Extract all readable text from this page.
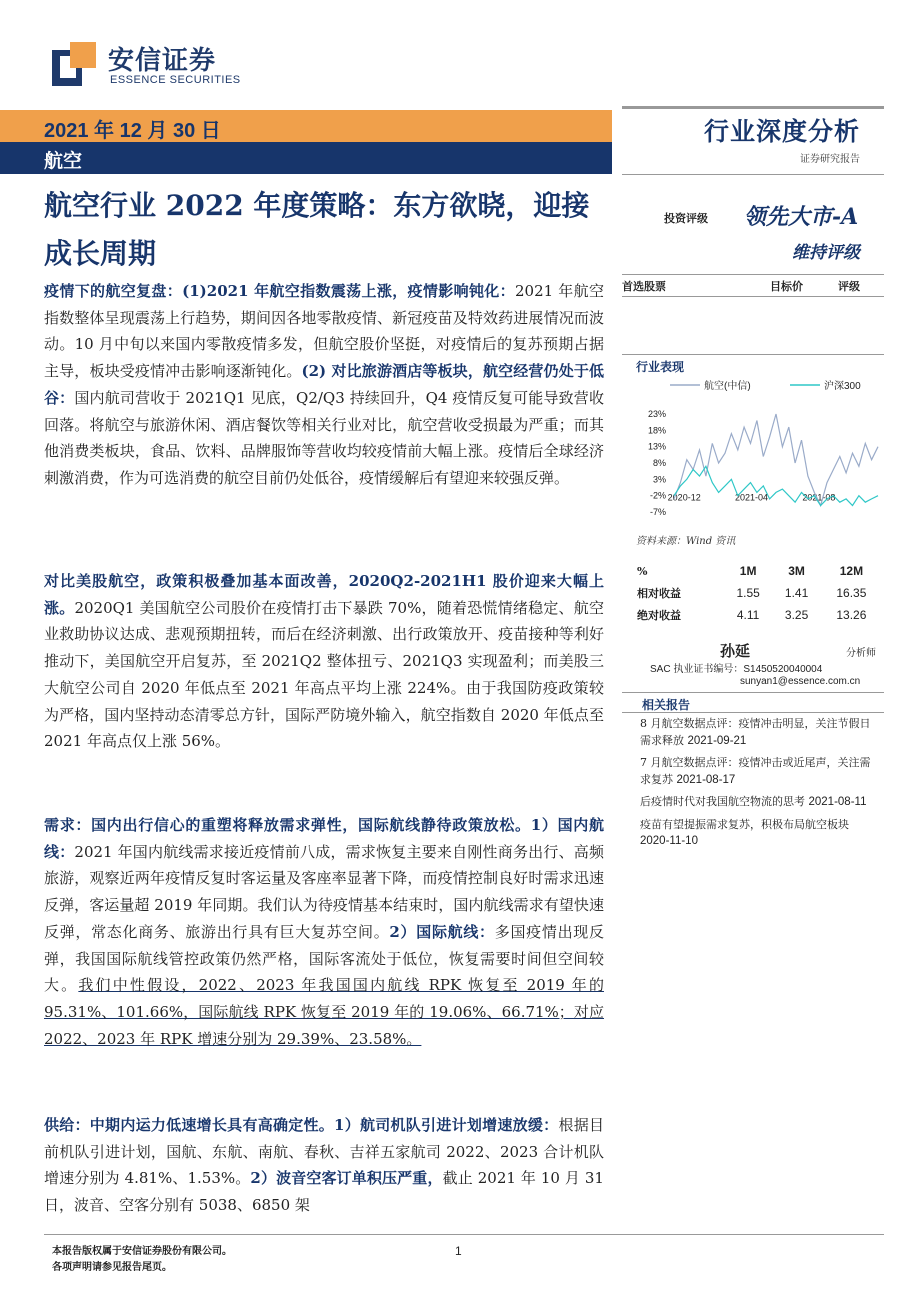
安信证券
ESSENCE SECURITIES
2021 年 12 月 30 日
航空
行业深度分析
证券研究报告
航空行业 2022 年度策略：东方欲晓，迎接成长周期
投资评级 领先大市-A
维持评级
首选股票	目标价	评级
疫情下的航空复盘：(1)2021 年航空指数震荡上涨，疫情影响钝化：2021 年航空指数整体呈现震荡上行趋势，期间因各地零散疫情、新冠疫苗及特效药进展情况而波动。10 月中旬以来国内零散疫情多发，但航空股价坚挺，对疫情后的复苏预期占据主导，板块受疫情冲击影响逐渐钝化。(2) 对比旅游酒店等板块，航空经营仍处于低谷：国内航司营收于 2021Q1 见底，Q2/Q3 持续回升，Q4 疫情反复可能导致营收回落。将航空与旅游休闲、酒店餐饮等相关行业对比，航空营收受损最为严重；而其他消费类板块，食品、饮料、品牌服饰等营收均较疫情前大幅上涨。疫情后全球经济刺激消费，作为可选消费的航空目前仍处低谷，疫情缓解后有望迎来较强反弹。
对比美股航空，政策积极叠加基本面改善，2020Q2-2021H1 股价迎来大幅上涨。2020Q1 美国航空公司股价在疫情打击下暴跌 70%，随着恐慌情绪稳定、航空业救助协议达成、悲观预期扭转，而后在经济刺激、出行政策放开、疫苗接种等利好推动下，美国航空开启复苏，至 2021Q2 整体扭亏、2021Q3 实现盈利；而美股三大航空公司自 2020 年低点至 2021 年高点平均上涨 224%。由于我国防疫政策较为严格，国内坚持动态清零总方针，国际严防境外输入，航空指数自 2020 年低点至 2021 年高点仅上涨 56%。
需求：国内出行信心的重塑将释放需求弹性，国际航线静待政策放松。1）国内航线：2021 年国内航线需求接近疫情前八成，需求恢复主要来自刚性商务出行、高频旅游，观察近两年疫情反复时客运量及客座率显著下降，而疫情控制良好时需求迅速反弹，客运量超 2019 年同期。我们认为待疫情基本结束时，国内航线需求有望快速反弹，常态化商务、旅游出行具有巨大复苏空间。2）国际航线：多国疫情出现反弹，我国国际航线管控政策仍然严格，国际客流处于低位，恢复需要时间但空间较大。我们中性假设，2022、2023 年我国国内航线 RPK 恢复至 2019 年的 95.31%、101.66%，国际航线 RPK 恢复至 2019 年的 19.06%、66.71%；对应 2022、2023 年 RPK 增速分别为 29.39%、23.58%。
供给：中期内运力低速增长具有高确定性。1）航司机队引进计划增速放缓：根据目前机队引进计划，国航、东航、南航、春秋、吉祥五家航司 2022、2023 合计机队增速分别为 4.81%、1.53%。2）波音空客订单积压严重，截止 2021 年 10 月 31 日，波音、空客分别有 5038、6850 架
行业表现
航空(中信)	沪深300
23%
18%
13%
8%
3%
-2%
-7%
2020-12	2021-04	2021-08
资料来源：Wind 资讯
%	1M	3M	12M
相对收益	1.55	1.41	16.35
绝对收益	4.11	3.25	13.26
孙延	分析师
SAC 执业证书编号：S1450520040004
sunyan1@essence.com.cn
相关报告
8 月航空数据点评：疫情冲击明显，关注节假日需求释放 2021-09-21
7 月航空数据点评：疫情冲击或近尾声，关注需求复苏 2021-08-17
后疫情时代对我国航空物流的思考 2021-08-11
疫苗有望提振需求复苏，积极布局航空板块 2020-11-10
本报告版权属于安信证券股份有限公司。
各项声明请参见报告尾页。
1
